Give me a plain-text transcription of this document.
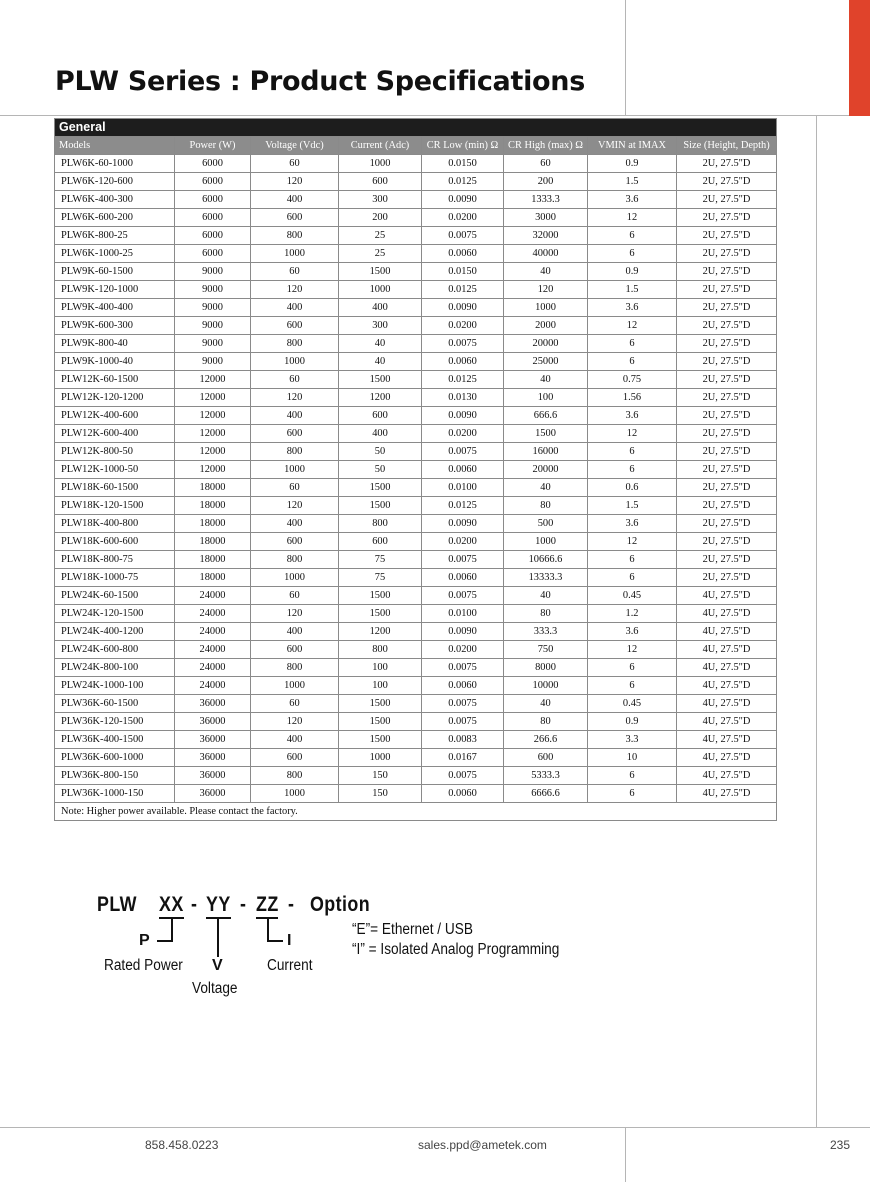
PLW Series : Product Specifications
General							
Models	Power (W)	Voltage (Vdc)	Current (Adc)	CR Low (min) Ω	CR High (max) Ω	VMIN at IMAX	Size (Height, Depth)
PLW6K-60-1000	6000	60	1000	0.0150	60	0.9	2U, 27.5"D
PLW6K-120-600	6000	120	600	0.0125	200	1.5	2U, 27.5"D
PLW6K-400-300	6000	400	300	0.0090	1333.3	3.6	2U, 27.5"D
PLW6K-600-200	6000	600	200	0.0200	3000	12	2U, 27.5"D
PLW6K-800-25	6000	800	25	0.0075	32000	6	2U, 27.5"D
PLW6K-1000-25	6000	1000	25	0.0060	40000	6	2U, 27.5"D
PLW9K-60-1500	9000	60	1500	0.0150	40	0.9	2U, 27.5"D
PLW9K-120-1000	9000	120	1000	0.0125	120	1.5	2U, 27.5"D
PLW9K-400-400	9000	400	400	0.0090	1000	3.6	2U, 27.5"D
PLW9K-600-300	9000	600	300	0.0200	2000	12	2U, 27.5"D
PLW9K-800-40	9000	800	40	0.0075	20000	6	2U, 27.5"D
PLW9K-1000-40	9000	1000	40	0.0060	25000	6	2U, 27.5"D
PLW12K-60-1500	12000	60	1500	0.0125	40	0.75	2U, 27.5"D
PLW12K-120-1200	12000	120	1200	0.0130	100	1.56	2U, 27.5"D
PLW12K-400-600	12000	400	600	0.0090	666.6	3.6	2U, 27.5"D
PLW12K-600-400	12000	600	400	0.0200	1500	12	2U, 27.5"D
PLW12K-800-50	12000	800	50	0.0075	16000	6	2U, 27.5"D
PLW12K-1000-50	12000	1000	50	0.0060	20000	6	2U, 27.5"D
PLW18K-60-1500	18000	60	1500	0.0100	40	0.6	2U, 27.5"D
PLW18K-120-1500	18000	120	1500	0.0125	80	1.5	2U, 27.5"D
PLW18K-400-800	18000	400	800	0.0090	500	3.6	2U, 27.5"D
PLW18K-600-600	18000	600	600	0.0200	1000	12	2U, 27.5"D
PLW18K-800-75	18000	800	75	0.0075	10666.6	6	2U, 27.5"D
PLW18K-1000-75	18000	1000	75	0.0060	13333.3	6	2U, 27.5"D
PLW24K-60-1500	24000	60	1500	0.0075	40	0.45	4U, 27.5"D
PLW24K-120-1500	24000	120	1500	0.0100	80	1.2	4U, 27.5"D
PLW24K-400-1200	24000	400	1200	0.0090	333.3	3.6	4U, 27.5"D
PLW24K-600-800	24000	600	800	0.0200	750	12	4U, 27.5"D
PLW24K-800-100	24000	800	100	0.0075	8000	6	4U, 27.5"D
PLW24K-1000-100	24000	1000	100	0.0060	10000	6	4U, 27.5"D
PLW36K-60-1500	36000	60	1500	0.0075	40	0.45	4U, 27.5"D
PLW36K-120-1500	36000	120	1500	0.0075	80	0.9	4U, 27.5"D
PLW36K-400-1500	36000	400	1500	0.0083	266.6	3.3	4U, 27.5"D
PLW36K-600-1000	36000	600	1000	0.0167	600	10	4U, 27.5"D
PLW36K-800-150	36000	800	150	0.0075	5333.3	6	4U, 27.5"D
PLW36K-1000-150	36000	1000	150	0.0060	6666.6	6	4U, 27.5"D
Note: Higher power available. Please contact the factory.							
PLW XX - YY - ZZ - Option
P	I
V
Rated Power	Current
Voltage
“E”= Ethernet / USB
“I” = Isolated Analog Programming
858.458.0223	sales.ppd@ametek.com	235
